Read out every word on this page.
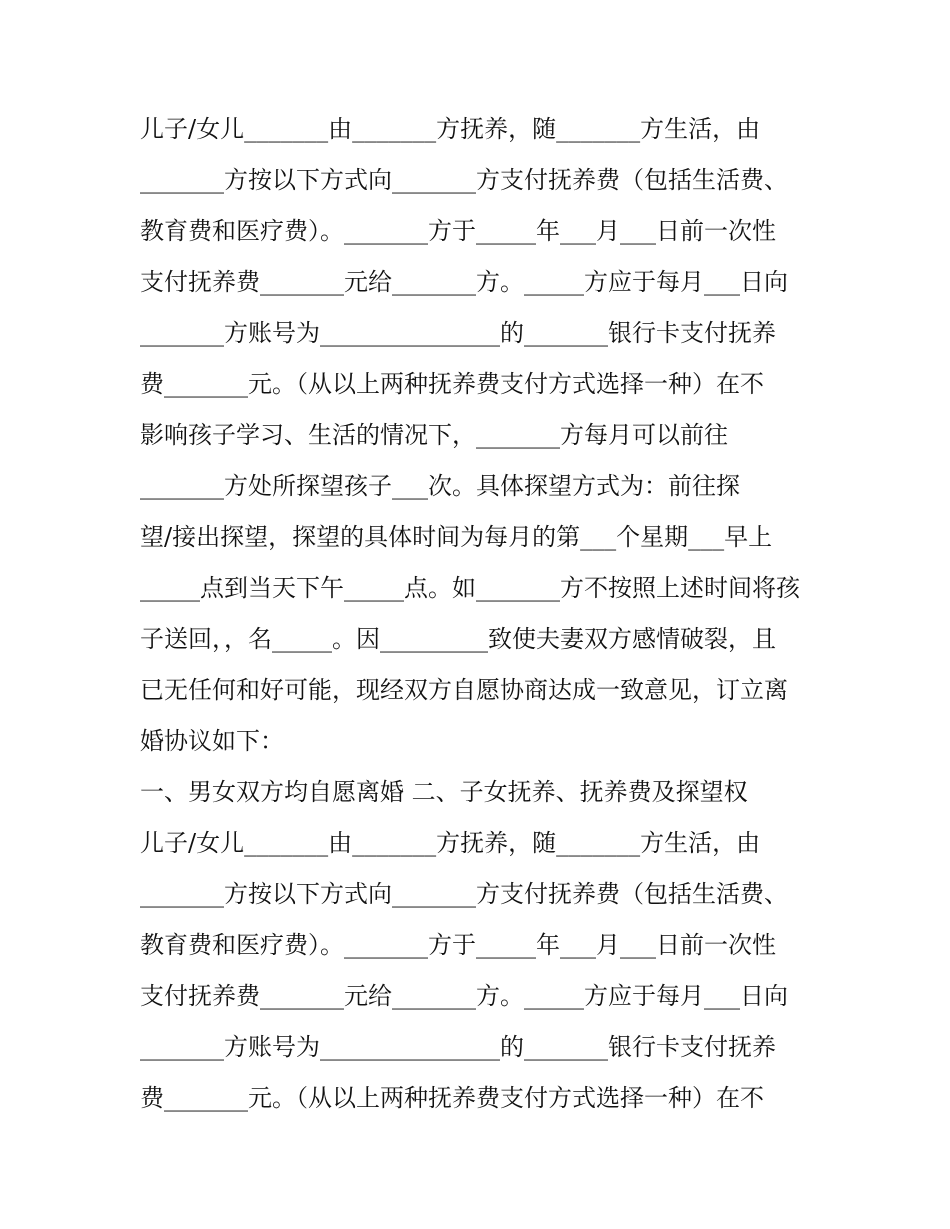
儿子/女儿_______由_______方抚养，随_______方生活，由
_______方按以下方式向_______方支付抚养费（包括生活费、
教育费和医疗费）。_______方于_____年___月___日前一次性
支付抚养费_______元给_______方。_____方应于每月___日向
_______方账号为_______________的_______银行卡支付抚养
费_______元。（从以上两种抚养费支付方式选择一种）在不
影响孩子学习、生活的情况下，_______方每月可以前往
_______方处所探望孩子___次。具体探望方式为：前往探
望/接出探望，探望的具体时间为每月的第___个星期___早上
_____点到当天下午_____点。如_______方不按照上述时间将孩
子送回，，名_____。因_________致使夫妻双方感情破裂，且
已无任何和好可能，现经双方自愿协商达成一致意见，订立离
婚协议如下：
一、男女双方均自愿离婚 二、子女抚养、抚养费及探望权
儿子/女儿_______由_______方抚养，随_______方生活，由
_______方按以下方式向_______方支付抚养费（包括生活费、
教育费和医疗费）。_______方于_____年___月___日前一次性
支付抚养费_______元给_______方。_____方应于每月___日向
_______方账号为_______________的_______银行卡支付抚养
费_______元。（从以上两种抚养费支付方式选择一种）在不
